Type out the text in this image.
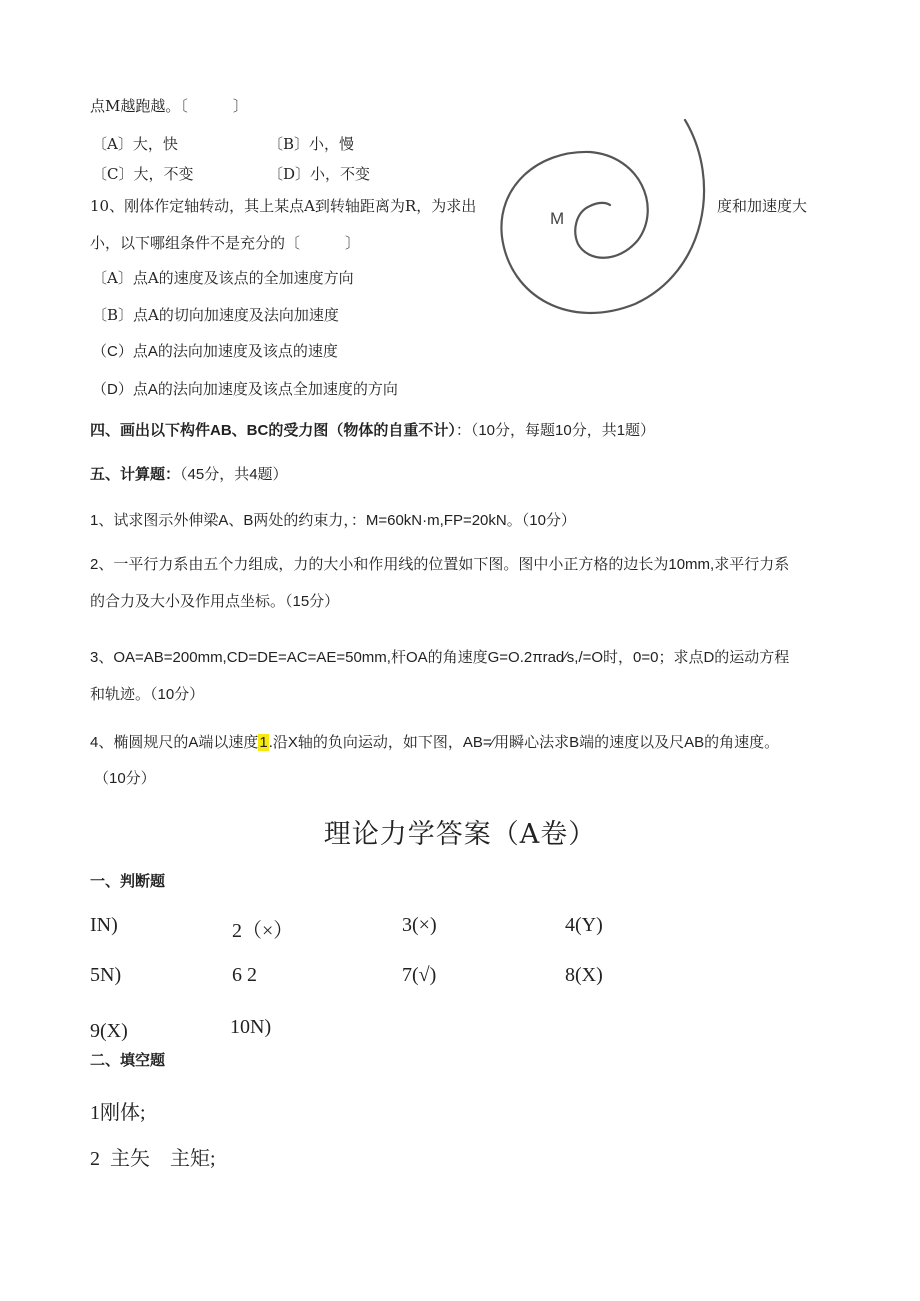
点M越跑越。〔　　　〕
〔A〕大，快	〔B〕小，慢
〔C〕大，不变	〔D〕小，不变
M
10、刚体作定轴转动，其上某点A到转轴距离为R，为求出	度和加速度大
小，以下哪组条件不是充分的〔　　　〕
〔A〕点A的速度及该点的全加速度方向
〔B〕点A的切向加速度及法向加速度
（C）点A的法向加速度及该点的速度
（D）点A的法向加速度及该点全加速度的方向
四、画出以下构件AB、BC的受力图（物体的自重不计）：（10分，每题10分，共1题）
五、计算题：（45分，共4题）
1、试求图示外伸梁A、B两处的约束力，：M=60kN·m,FP=20kN。（10分）
2、一平行力系由五个力组成，力的大小和作用线的位置如下图。图中小正方格的边长为10mm,求平行力系
的合力及大小及作用点坐标。（15分）
3、OA=AB=200mm,CD=DE=AC=AE=50mm,杆OA的角速度G=O.2πrad∕s,/=O时，0=0；求点D的运动方程
和轨迹。（10分）
4、椭圆规尺的A端以速度1.沿X轴的负向运动，如下图，AB=∕用瞬心法求B端的速度以及尺AB的角速度。
（10分）
理论力学答案（A卷）
一、判断题
IN)	2（×）	3(×)	4(Y)
5N)	6 2	7(√)	8(X)
9(X)	10N)
二、填空题
1刚体;
2  主矢    主矩;
